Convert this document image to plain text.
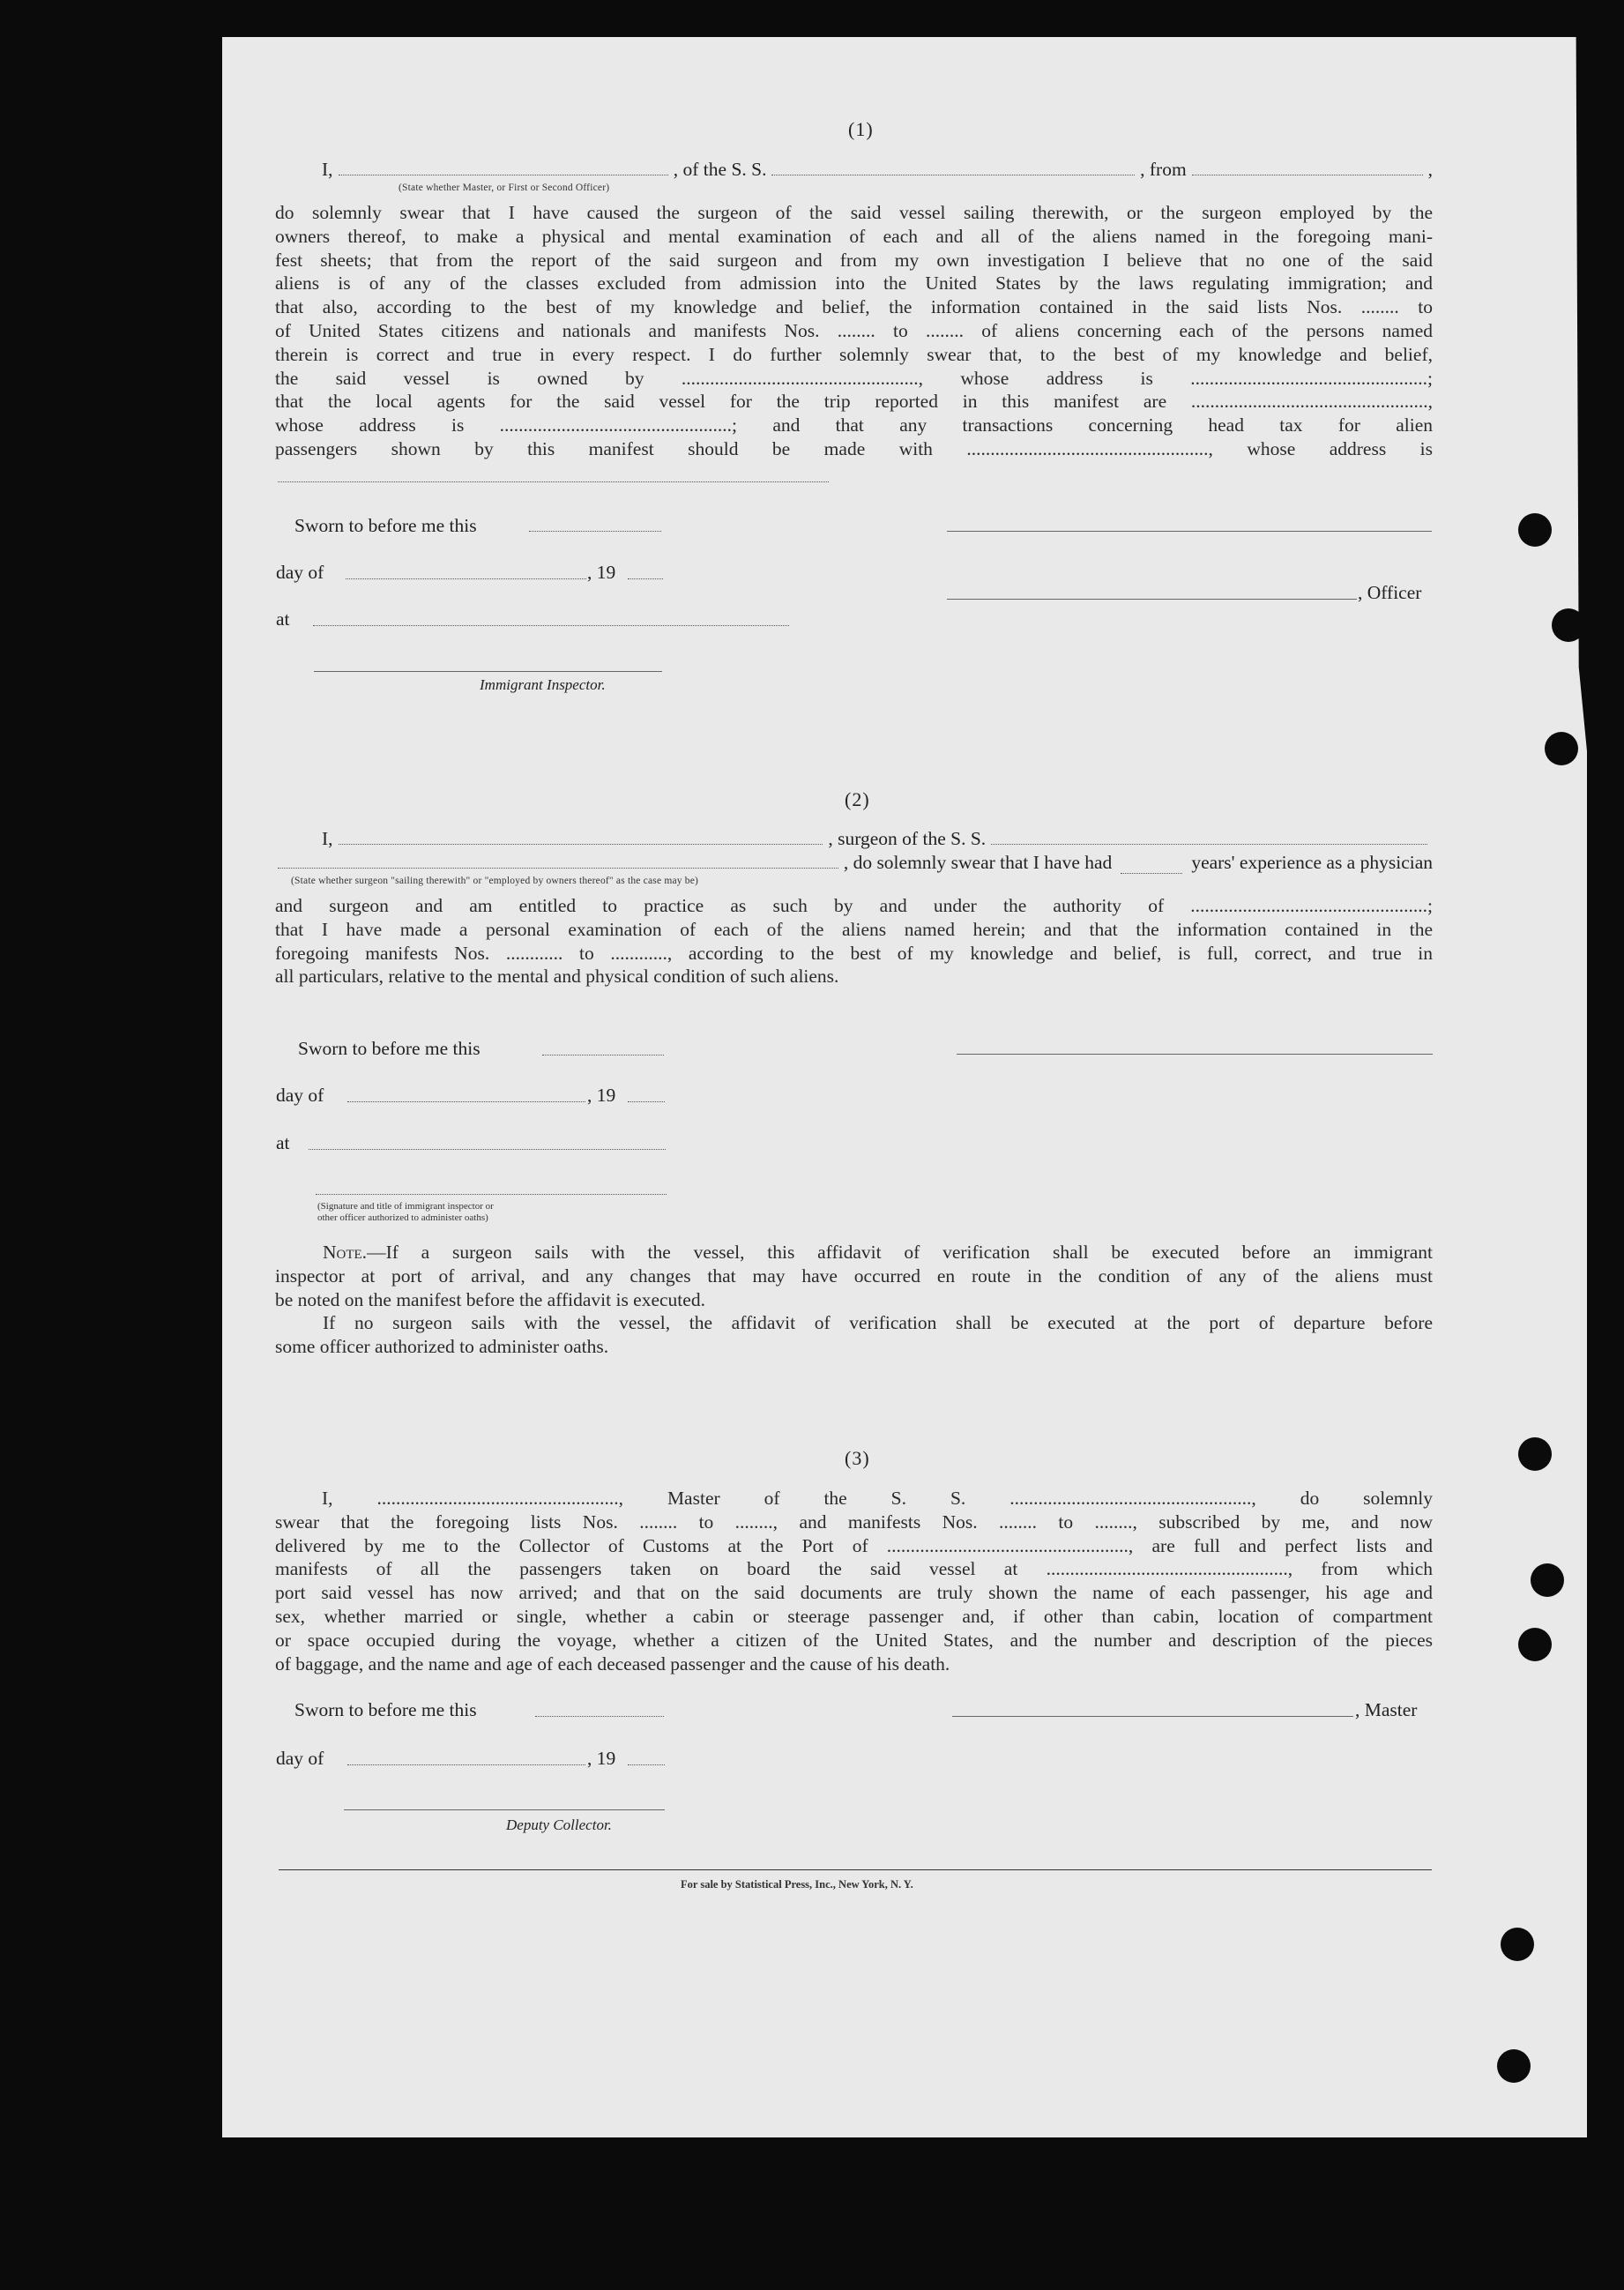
(1)
I,	, of the S. S.	, from	,
(State whether Master, or First or Second Officer)
do solemnly swear that I have caused the surgeon of the said vessel sailing therewith, or the surgeon employed by the
owners thereof, to make a physical and mental examination of each and all of the aliens named in the foregoing mani-
fest sheets; that from the report of the said surgeon and from my own investigation I believe that no one of the said
aliens is of any of the classes excluded from admission into the United States by the laws regulating immigration; and
that also, according to the best of my knowledge and belief, the information contained in the said lists Nos. ........ to
of United States citizens and nationals and manifests Nos. ........ to ........ of aliens concerning each of the persons named
therein is correct and true in every respect. I do further solemnly swear that, to the best of my knowledge and belief,
the said vessel is owned by .................................................., whose address is ..................................................;
that the local agents for the said vessel for the trip reported in this manifest are ..................................................,
whose address is .................................................; and that any transactions concerning head tax for alien
passengers shown by this manifest should be made with ..................................................., whose address is
Sworn to before me this
day of	, 19
at
Immigrant Inspector.
, Officer
(2)
I,	, surgeon of the S. S.
, do solemnly swear that I have had	years' experience as a physician
(State whether surgeon "sailing therewith" or "employed by owners thereof" as the case may be)
and surgeon and am entitled to practice as such by and under the authority of ..................................................;
that I have made a personal examination of each of the aliens named herein; and that the information contained in the
foregoing manifests Nos. ............ to ............, according to the best of my knowledge and belief, is full, correct, and true in
all particulars, relative to the mental and physical condition of such aliens.
Sworn to before me this
day of	, 19
at
(Signature and title of immigrant inspector or
other officer authorized to administer oaths)
Note.—If a surgeon sails with the vessel, this affidavit of verification shall be executed before an immigrant
inspector at port of arrival, and any changes that may have occurred en route in the condition of any of the aliens must
be noted on the manifest before the affidavit is executed.
If no surgeon sails with the vessel, the affidavit of verification shall be executed at the port of departure before
some officer authorized to administer oaths.
(3)
I, ..................................................., Master of the S. S. ..................................................., do solemnly
swear that the foregoing lists Nos. ........ to ........, and manifests Nos. ........ to ........, subscribed by me, and now
delivered by me to the Collector of Customs at the Port of ..................................................., are full and perfect lists and
manifests of all the passengers taken on board the said vessel at ..................................................., from which
port said vessel has now arrived; and that on the said documents are truly shown the name of each passenger, his age and
sex, whether married or single, whether a cabin or steerage passenger and, if other than cabin, location of compartment
or space occupied during the voyage, whether a citizen of the United States, and the number and description of the pieces
of baggage, and the name and age of each deceased passenger and the cause of his death.
Sworn to before me this
day of	, 19
Deputy Collector.
, Master
For sale by Statistical Press, Inc., New York, N. Y.
